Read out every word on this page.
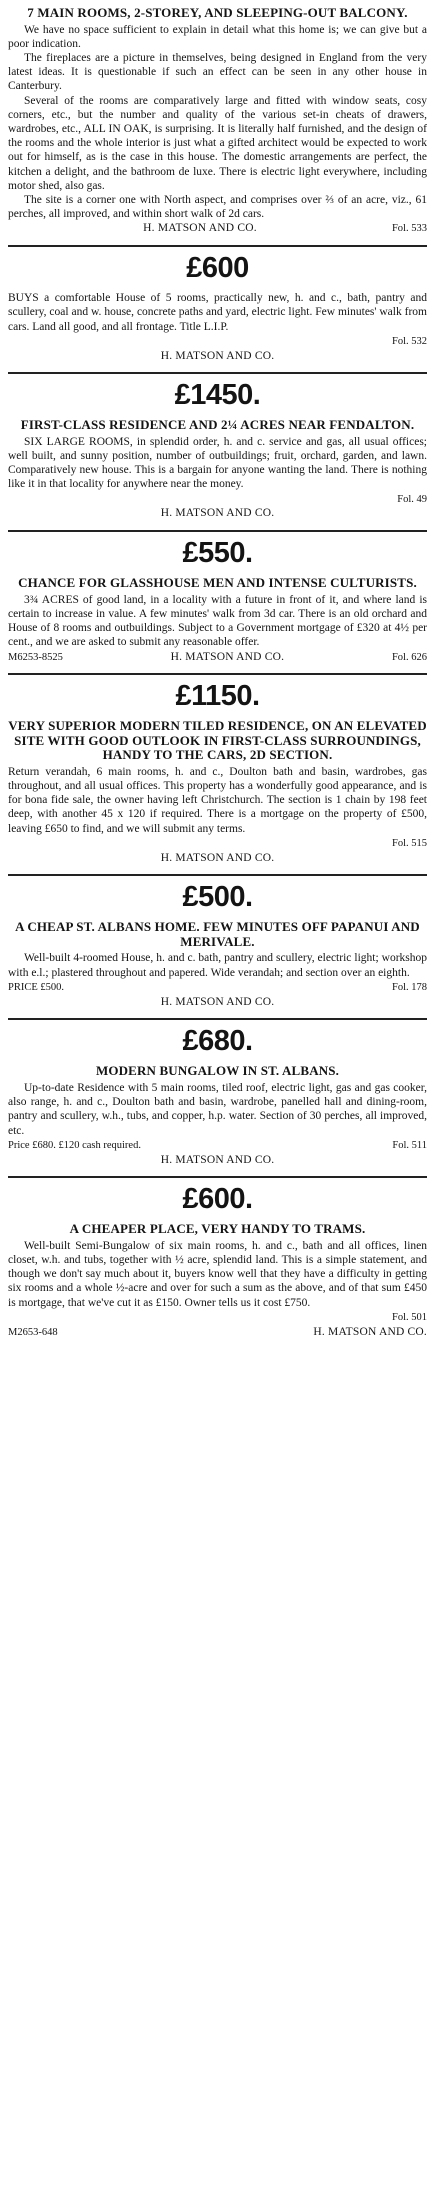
7 MAIN ROOMS, 2-STOREY, AND SLEEPING-OUT BALCONY.

We have no space sufficient to explain in detail what this home is; we can give but a poor indication.

The fireplaces are a picture in themselves, being designed in England from the very latest ideas. It is questionable if such an effect can be seen in any other house in Canterbury.

Several of the rooms are comparatively large and fitted with window seats, cosy corners, etc., but the number and quality of the various set-in cheats of drawers, wardrobes, etc., ALL IN OAK, is surprising. It is literally half furnished, and the design of the rooms and the whole interior is just what a gifted architect would be expected to work out for himself, as is the case in this house. The domestic arrangements are perfect, the kitchen a delight, and the bathroom de luxe. There is electric light everywhere, including motor shed, also gas.

The site is a corner one with North aspect, and comprises over ⅔ of an acre, viz., 61 perches, all improved, and within short walk of 2d cars.

H. MATSON AND CO.	Fol. 533
£600

BUYS a comfortable House of 5 rooms, practically new, h. and c., bath, pantry and scullery, coal and w. house, concrete paths and yard, electric light. Few minutes' walk from cars. Land all good, and all frontage. Title L.I.P.

Fol. 532
H. MATSON AND CO.
£1450.
FIRST-CLASS RESIDENCE AND 2¼ ACRES NEAR FENDALTON.

SIX LARGE ROOMS, in splendid order, h. and c. service and gas, all usual offices; well built, and sunny position, number of outbuildings; fruit, orchard, garden, and lawn. Comparatively new house. This is a bargain for anyone wanting the land. There is nothing like it in that locality for anywhere near the money.

Fol. 49
H. MATSON AND CO.
£550.
CHANCE FOR GLASSHOUSE MEN AND INTENSE CULTURISTS.

3¾ ACRES of good land, in a locality with a future in front of it, and where land is certain to increase in value. A few minutes' walk from 3d car. There is an old orchard and House of 8 rooms and outbuildings. Subject to a Government mortgage of £320 at 4½ per cent., and we are asked to submit any reasonable offer.

M6253-8525	H. MATSON AND CO.	Fol. 626
£1150.
VERY SUPERIOR MODERN TILED RESIDENCE, ON AN ELEVATED SITE WITH GOOD OUTLOOK IN FIRST-CLASS SURROUNDINGS, HANDY TO THE CARS, 2D SECTION.

Return verandah, 6 main rooms, h. and c., Doulton bath and basin, wardrobes, gas throughout, and all usual offices. This property has a wonderfully good appearance, and is for bona fide sale, the owner having left Christchurch. The section is 1 chain by 198 feet deep, with another 45 x 120 if required. There is a mortgage on the property of £500, leaving £650 to find, and we will submit any terms.

Fol. 515
H. MATSON AND CO.
£500.
A CHEAP ST. ALBANS HOME. FEW MINUTES OFF PAPANUI AND MERIVALE.

Well-built 4-roomed House, h. and c. bath, pantry and scullery, electric light; workshop with e.l.; plastered throughout and papered. Wide verandah; and section over an eighth.

PRICE £500.	Fol. 178
H. MATSON AND CO.
£680.
MODERN BUNGALOW IN ST. ALBANS.

Up-to-date Residence with 5 main rooms, tiled roof, electric light, gas and gas cooker, also range, h. and c., Doulton bath and basin, wardrobe, panelled hall and dining-room, pantry and scullery, w.h., tubs, and copper, h.p. water. Section of 30 perches, all improved, etc.

Price £680. £120 cash required.	Fol. 511
H. MATSON AND CO.
£600.
A CHEAPER PLACE, VERY HANDY TO TRAMS.

Well-built Semi-Bungalow of six main rooms, h. and c., bath and all offices, linen closet, w.h. and tubs, together with ½ acre, splendid land. This is a simple statement, and though we don't say much about it, buyers know well that they have a difficulty in getting six rooms and a whole ½-acre and over for such a sum as the above, and of that sum £450 is mortgage, that we've cut it as £150. Owner tells us it cost £750.

Fol. 501
M2653-648	H. MATSON AND CO.
